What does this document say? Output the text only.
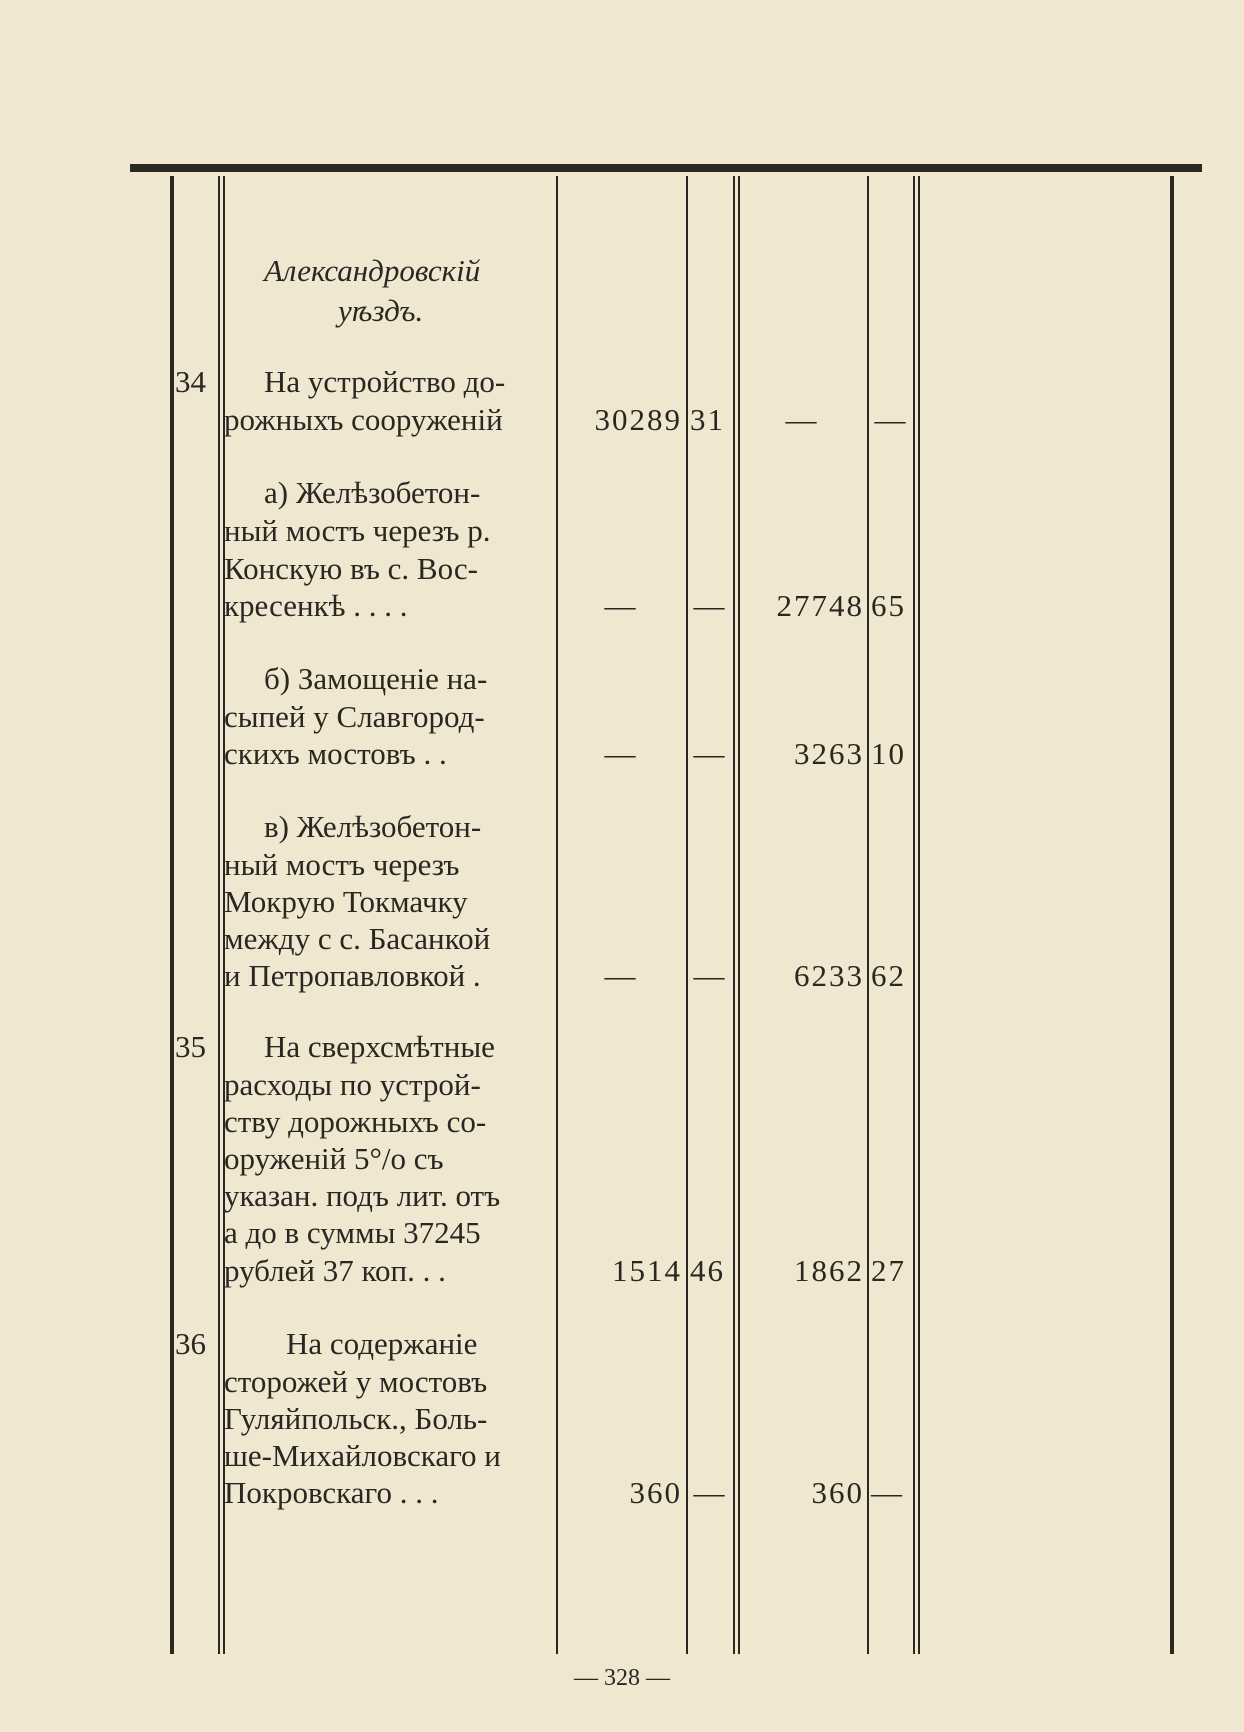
Александровскій
уѣздъ.
34 На устройство до-
рожныхъ сооруженій	30289 31	—	—
а) Желѣзобетон-
ный мостъ черезъ р.
Конскую въ с. Вос-
кресенкѣ . . . .	—	—	27748 65
б) Замощеніе на-
сыпей у Славгород-
скихъ мостовъ . .	—	—	3263 10
в) Желѣзобетон-
ный мостъ черезъ
Мокрую Токмачку
между с с. Басанкой
и Петропавловкой .	—	—	6233 62
35 На сверхсмѣтные
расходы по устрой-
ству дорожныхъ со-
оруженій 5°/о съ
указан. подъ лит. отъ
а до в суммы 37245
рублей 37 коп. . .	1514 46	1862 27
36	На содержаніе
сторожей у мостовъ
Гуляйпольск., Боль-
ше-Михайловскаго и
Покровскаго . . .	360 —	360 —
— 328 —
